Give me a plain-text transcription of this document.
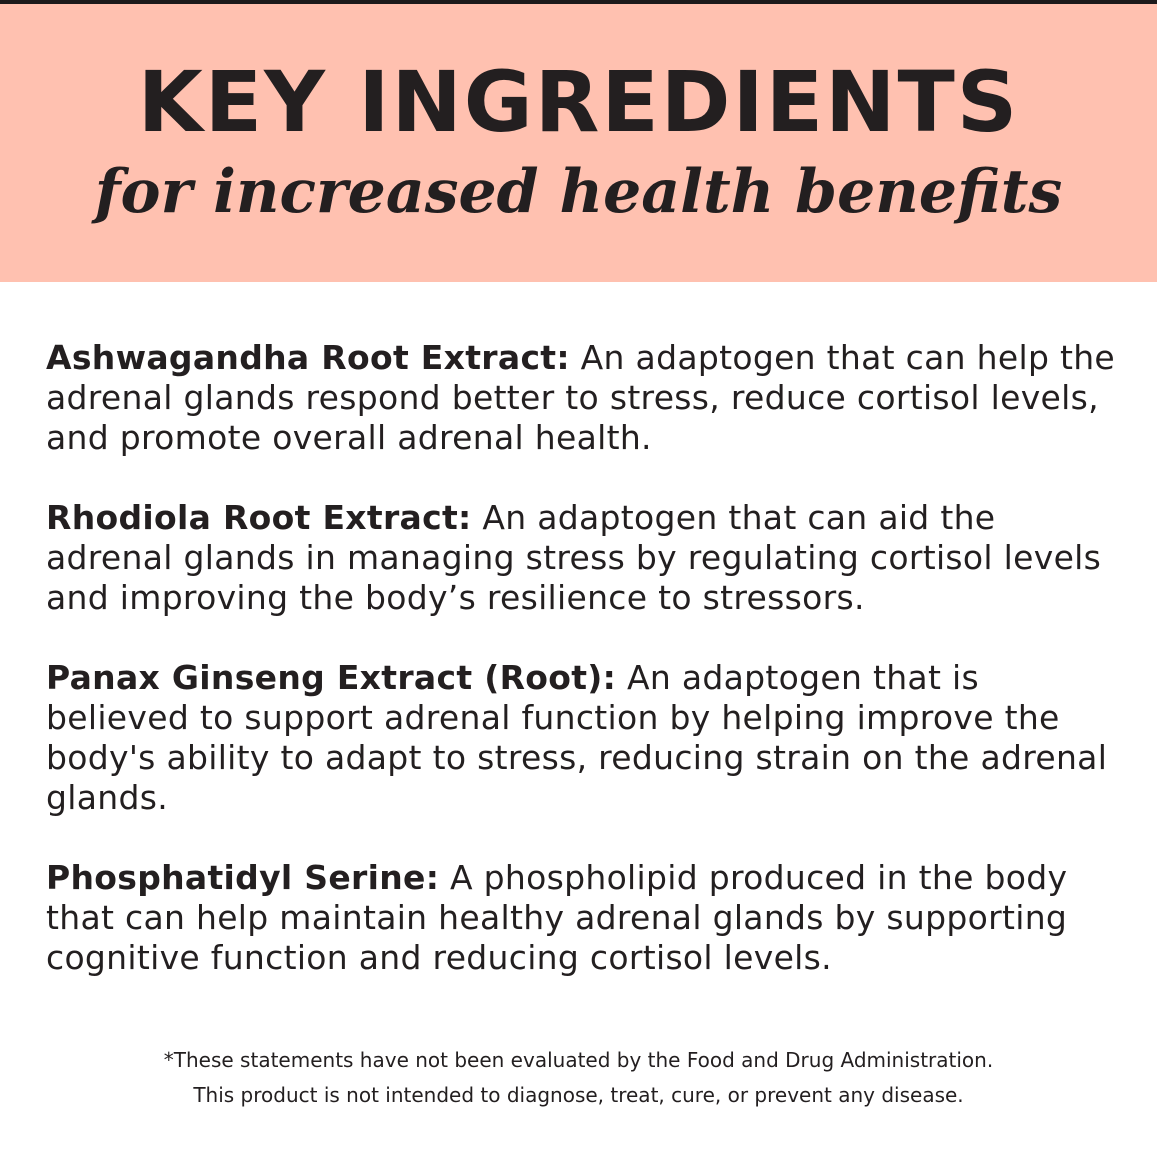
KEY INGREDIENTS
for increased health benefits

Ashwagandha Root Extract: An adaptogen that can help the adrenal glands respond better to stress, reduce cortisol levels, and promote overall adrenal health.

Rhodiola Root Extract: An adaptogen that can aid the adrenal glands in managing stress by regulating cortisol levels and improving the body’s resilience to stressors.

Panax Ginseng Extract (Root): An adaptogen that is believed to support adrenal function by helping improve the body's ability to adapt to stress, reducing strain on the adrenal glands.

Phosphatidyl Serine: A phospholipid produced in the body that can help maintain healthy adrenal glands by supporting cognitive function and reducing cortisol levels.

*These statements have not been evaluated by the Food and Drug Administration.
This product is not intended to diagnose, treat, cure, or prevent any disease.
